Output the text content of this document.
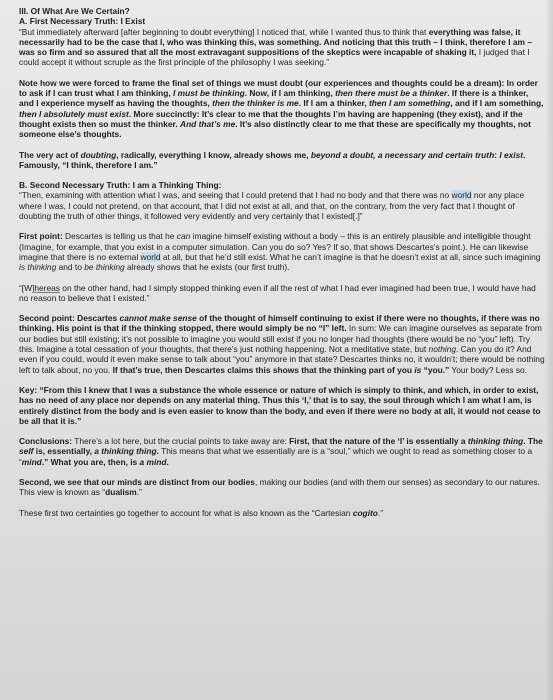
III. Of What Are We Certain?

A. First Necessary Truth: I Exist

“But immediately afterward [after beginning to doubt everything] I noticed that, while I wanted thus to think that everything was false, it necessarily had to be the case that I, who was thinking this, was something. And noticing that this truth – I think, therefore I am – was so firm and so assured that all the most extravagant suppositions of the skeptics were incapable of shaking it, I judged that I could accept it without scruple as the first principle of the philosophy I was seeking.”

Note how we were forced to frame the final set of things we must doubt (our experiences and thoughts could be a dream): In order to ask if I can trust what I am thinking, I must be thinking. Now, if I am thinking, then there must be a thinker. If there is a thinker, and I experience myself as having the thoughts, then the thinker is me. If I am a thinker, then I am something, and if I am something, then I absolutely must exist. More succinctly: It’s clear to me that the thoughts I’m having are happening (they exist), and if the thought exists then so must the thinker. And that’s me. It’s also distinctly clear to me that these are specifically my thoughts, not someone else’s thoughts.

The very act of doubting, radically, everything I know, already shows me, beyond a doubt, a necessary and certain truth: I exist. Famously, “I think, therefore I am.”

B. Second Necessary Truth: I am a Thinking Thing:

“Then, examining with attention what I was, and seeing that I could pretend that I had no body and that there was no world nor any place where I was, I could not pretend, on that account, that I did not exist at all, and that, on the contrary, from the very fact that I thought of doubting the truth of other things, it followed very evidently and very certainly that I existed[.]”

First point: Descartes is telling us that he can imagine himself existing without a body – this is an entirely plausible and intelligible thought (Imagine, for example, that you exist in a computer simulation. Can you do so? Yes? If so, that shows Descartes’s point.). He can likewise imagine that there is no external world at all, but that he’d still exist. What he can’t imagine is that he doesn’t exist at all, since such imagining is thinking and to be thinking already shows that he exists (our first truth).

“[W]hereas on the other hand, had I simply stopped thinking even if all the rest of what I had ever imagined had been true, I would have had no reason to believe that I existed.”

Second point: Descartes cannot make sense of the thought of himself continuing to exist if there were no thoughts, if there was no thinking. His point is that if the thinking stopped, there would simply be no “I” left. In sum: We can imagine ourselves as separate from our bodies but still existing; it’s not possible to imagine you would still exist if you no longer had thoughts (there would be no “you” left). Try this. Imagine a total cessation of your thoughts, that there’s just nothing happening. Not a meditative state, but nothing. Can you do it? And even if you could, would it even make sense to talk about “you” anymore in that state? Descartes thinks no, it wouldn’t; there would be nothing left to talk about, no you. If that’s true, then Descartes claims this shows that the thinking part of you is “you.” Your body? Less so.

Key: “From this I knew that I was a substance the whole essence or nature of which is simply to think, and which, in order to exist, has no need of any place nor depends on any material thing. Thus this ‘I,’ that is to say, the soul through which I am what I am, is entirely distinct from the body and is even easier to know than the body, and even if there were no body at all, it would not cease to be all that it is.”

Conclusions: There’s a lot here, but the crucial points to take away are: First, that the nature of the ‘I’ is essentially a thinking thing. The self is, essentially, a thinking thing. This means that what we essentially are is a “soul,” which we ought to read as something closer to a “mind.” What you are, then, is a mind.

Second, we see that our minds are distinct from our bodies, making our bodies (and with them our senses) as secondary to our natures. This view is known as “dualism.”

These first two certainties go together to account for what is also known as the “Cartesian cogito.”
